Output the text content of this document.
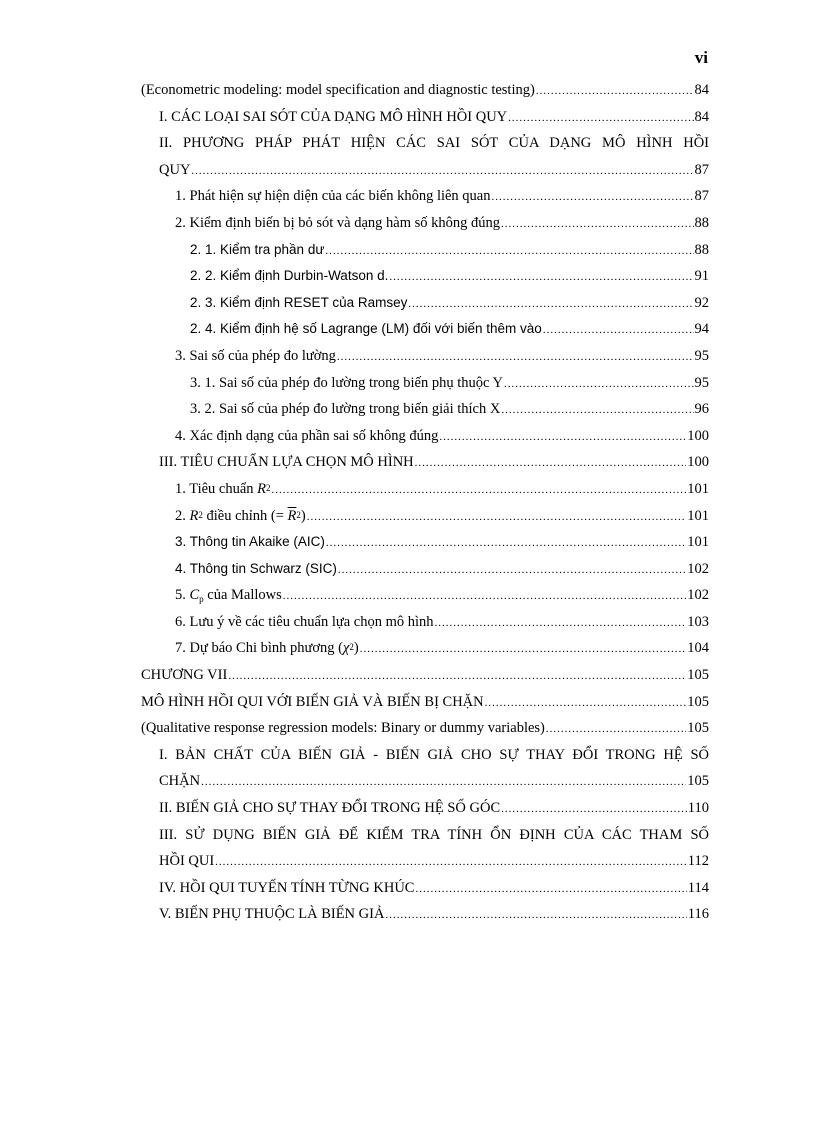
vi
(Econometric modeling: model specification and diagnostic testing) .....	84
I. CÁC LOẠI SAI SÓT CỦA DẠNG MÔ HÌNH HỒI QUY .....	84
II. PHƯƠNG PHÁP PHÁT HIỆN CÁC SAI SÓT CỦA DẠNG MÔ HÌNH HỒI
QUY .....	87
1. Phát hiện sự hiện diện của các biến không liên quan .....	87
2. Kiểm định biến bị bỏ sót và dạng hàm số không đúng .....	88
2. 1. Kiểm tra phần dư .....	88
2. 2. Kiểm định Durbin-Watson d. .....	91
2. 3. Kiểm định RESET của Ramsey .....	92
2. 4. Kiểm định hệ số Lagrange (LM) đối với biến thêm vào .....	94
3. Sai số của phép đo lường .....	95
3. 1. Sai số của phép đo lường trong biến phụ thuộc Y .....	95
3. 2. Sai số của phép đo lường trong biến giải thích X .....	96
4. Xác định dạng của phần sai số không đúng .....	100
III. TIÊU CHUẨN LỰA CHỌN MÔ HÌNH .....	100
1. Tiêu chuẩn $R^2$ .....	101
2. $R^2$ điều chỉnh (= $\overline{R}^2$) .....	101
3. Thông tin Akaike (AIC) .....	101
4. Thông tin Schwarz (SIC) .....	102
5. $C_p$ của Mallows .....	102
6. Lưu ý về các tiêu chuẩn lựa chọn mô hình .....	103
7. Dự báo Chi bình phương $(\chi^2)$ .....	104
CHƯƠNG VII .....	105
MÔ HÌNH HỒI QUI VỚI BIẾN GIẢ VÀ BIẾN BỊ CHẶN .....	105
(Qualitative response regression models: Binary or dummy variables) .....	105
I. BẢN CHẤT CỦA BIẾN GIẢ - BIẾN GIẢ CHO SỰ THAY ĐỔI TRONG HỆ SỐ
CHẶN .....	105
II. BIẾN GIẢ CHO SỰ THAY ĐỔI TRONG HỆ SỐ GÓC .....	110
III. SỬ DỤNG BIẾN GIẢ ĐỂ KIỂM TRA TÍNH ỔN ĐỊNH CỦA CÁC THAM SỐ
HỒI QUI .....	112
IV. HỒI QUI TUYẾN TÍNH TỪNG KHÚC .....	114
V. BIẾN PHỤ THUỘC LÀ BIẾN GIẢ .....	116
